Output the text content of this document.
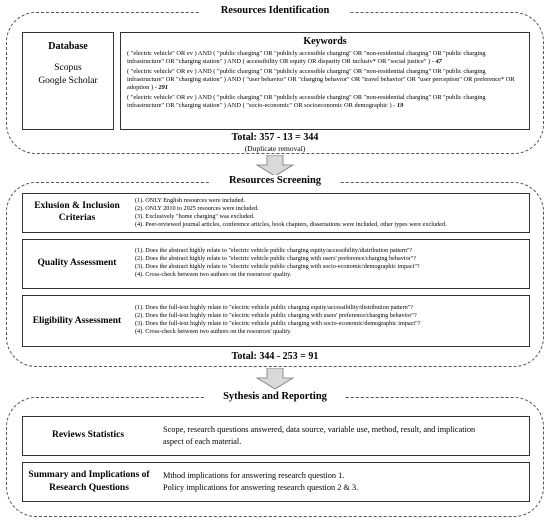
Resources Identification
Database
Scopus
Google Scholar
Keywords
( "electric vehicle" OR ev ) AND ( "public charging" OR "publicly accessible charging" OR "non-residential charging" OR "public charging infrastructure" OR "charging station" ) AND ( accessibility OR equity OR disparity OR inclusiv* OR "social justice" ) - 47
( "electric vehicle" OR ev ) AND ( "public charging" OR "publicly accessible charging" OR "non-residential charging" OR "public charging infrastructure" OR "charging station" ) AND ( "user behavior" OR "charging behavior" OR "travel behavior" OR "user perception" OR preference* OR adoption ) - 291
( "electric vehicle" OR ev ) AND ( "public charging" OR "publicly accessible charging" OR "non-residential charging" OR "public charging infrastructure" OR "charging station" ) AND ( "socio-economic" OR socioeconomic OR demographic ) - 19
Total: 357 - 13 = 344
(Duplicate removal)
Resources Screening
Exlusion & Inclusion Criterias
(1). ONLY English resources were included.
(2). ONLY 2010 to 2025 resources were included.
(3). Exclusively "home charging" was excluded.
(4). Peer-reviewed journal articles, conference articles, book chapters, dissertations were included, other types were excluded.
Quality Assessment
(1). Does the abstract highly relate to "electric vehicle public charging equity/accessibility/distribution pattern"?
(2). Does the abstract highly relate to "electric vehicle public charging with users' preference/charging behavior"?
(3). Does the abstract highly relate to "electric vehicle public charging with socio-economic/demographic impact"?
(4). Cross-check between two authors on the resources' quality.
Eligibility Assessment
(1). Does the full-text highly relate to "electric vehicle public charging equity/accessibility/distribution pattern"?
(2). Does the full-text highly relate to "electric vehicle public charging with users' preference/charging behavior"?
(3). Does the full-text highly relate to "electric vehicle public charging with socio-economic/demographic impact"?
(4). Cross-check between two authors on the resources' quality.
Total: 344 - 253 = 91
Sythesis and Reporting
Reviews Statistics
Scope, research questions answered, data source, variable use, method, result, and implication aspect of each material.
Summary and Implications of Research Questions
Mthod implications for answering research question 1.
Policy implications for answering research question 2 & 3.
